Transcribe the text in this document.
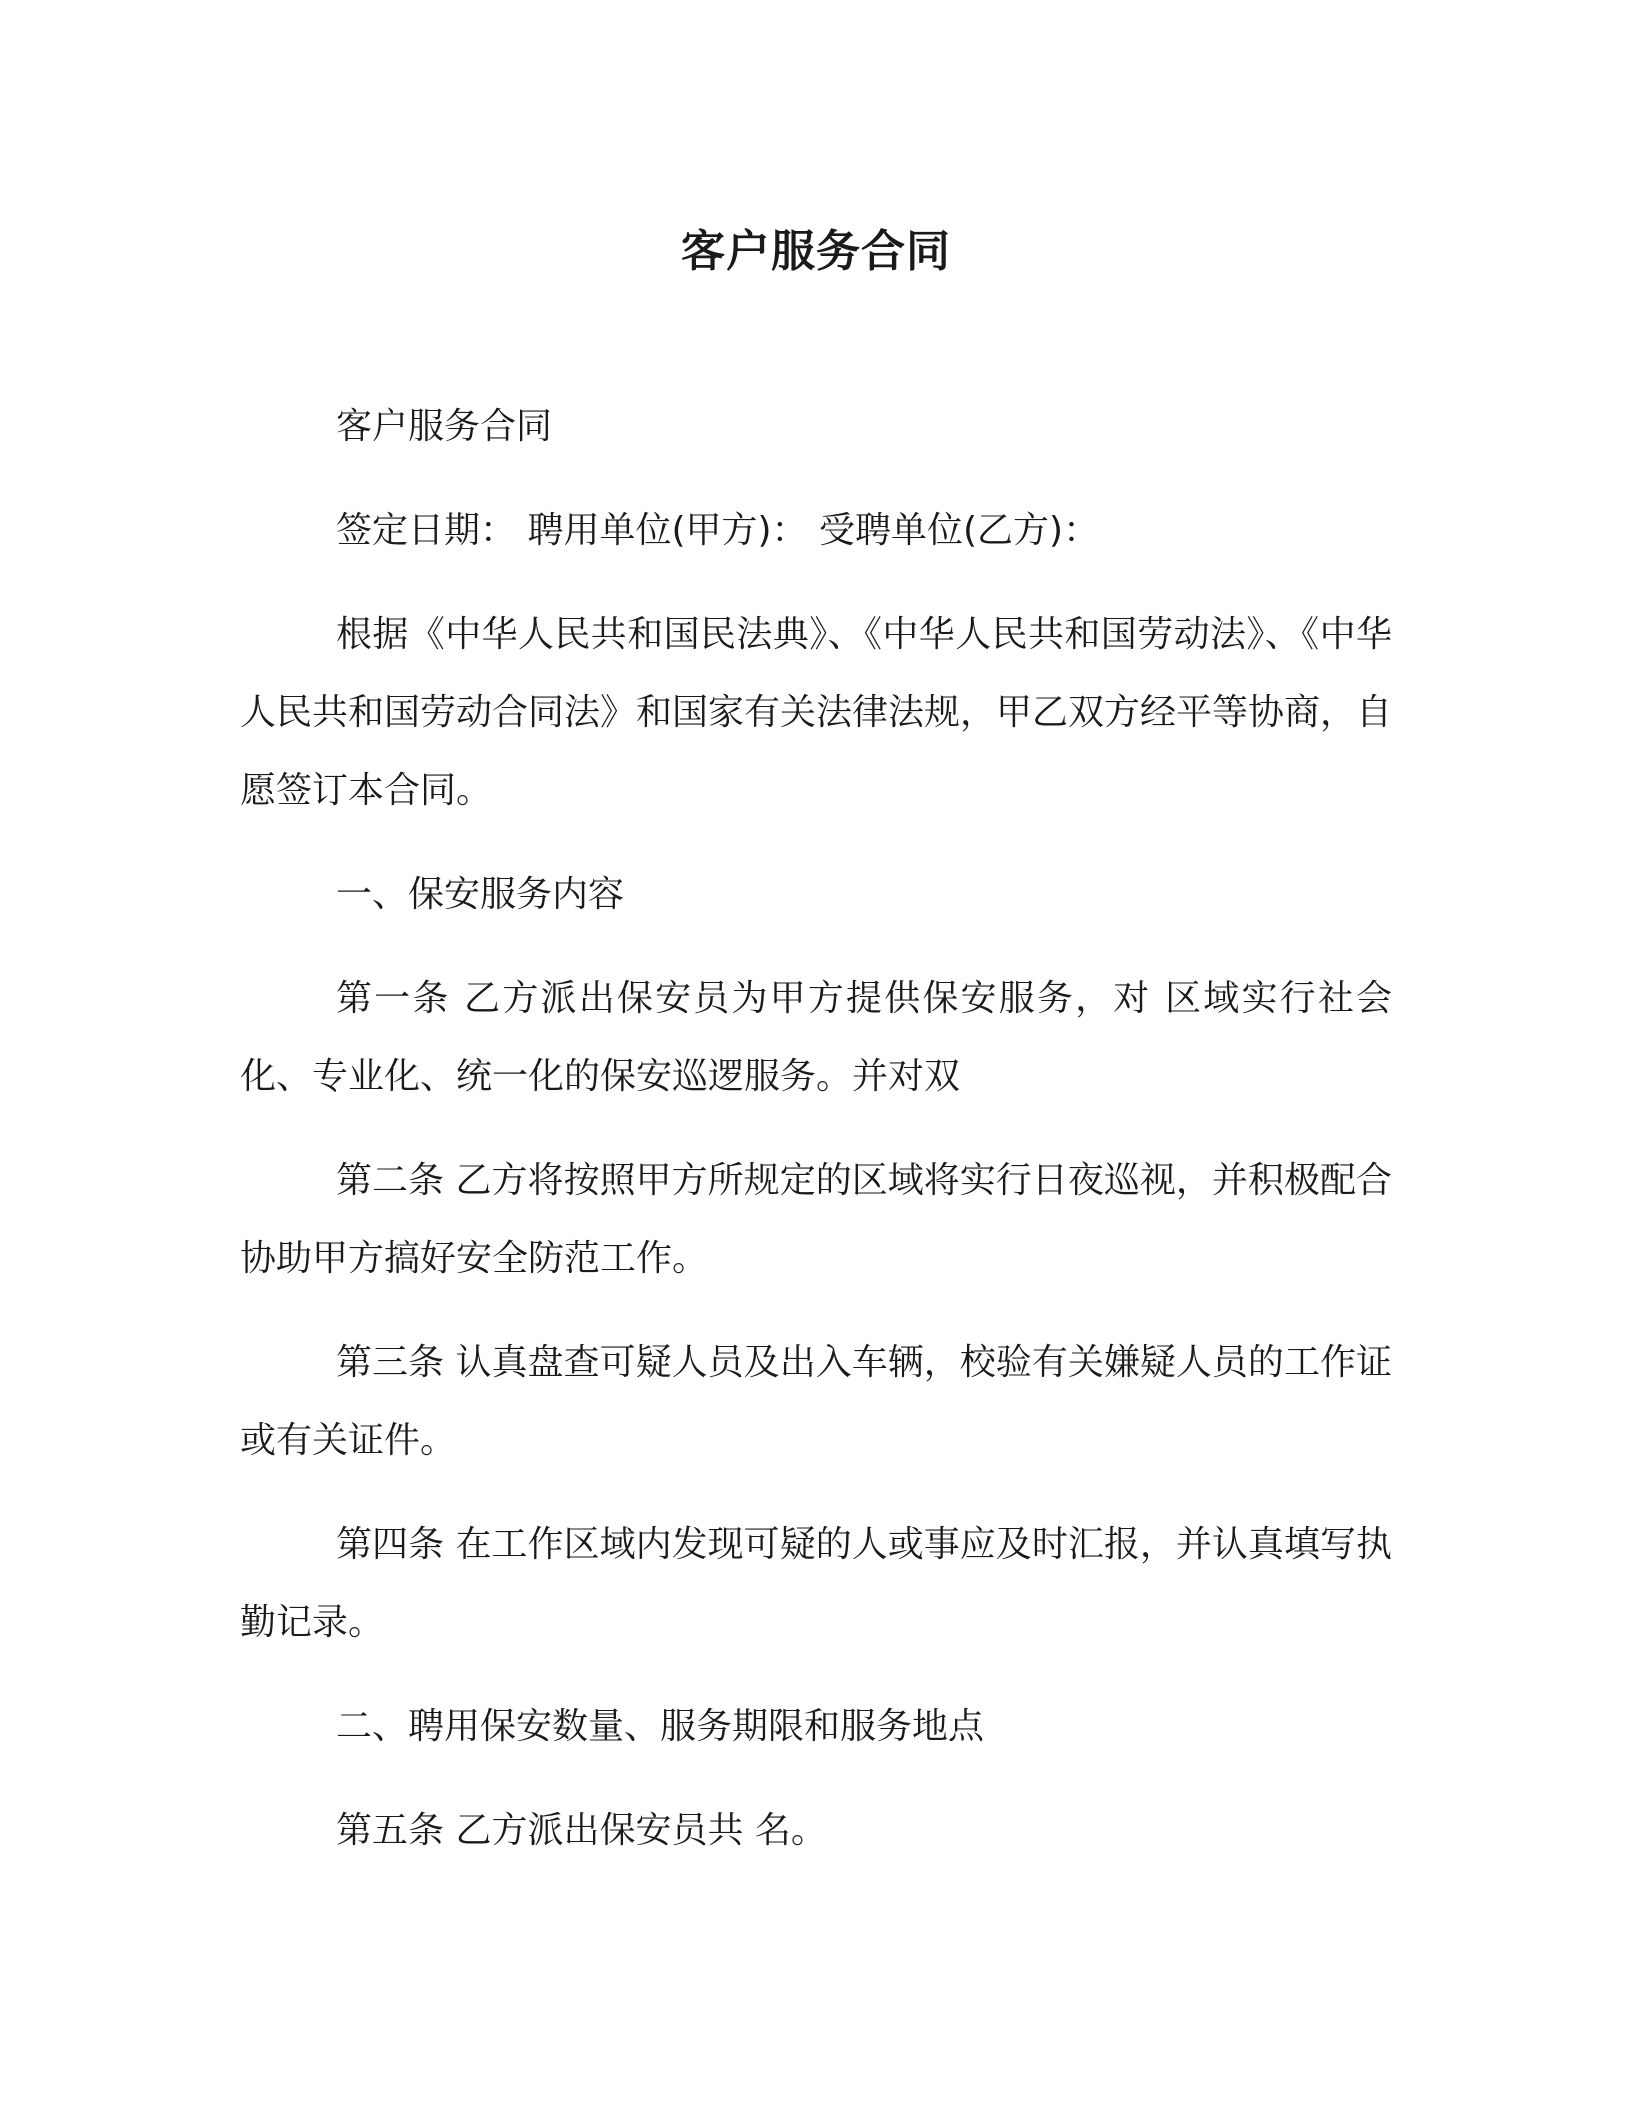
客户服务合同

客户服务合同

签定日期： 聘用单位(甲方)： 受聘单位(乙方)：

根据《中华人民共和国民法典》、《中华人民共和国劳动法》、《中华人民共和国劳动合同法》和国家有关法律法规，甲乙双方经平等协商，自愿签订本合同。

一、保安服务内容

第一条 乙方派出保安员为甲方提供保安服务，对 区域实行社会化、专业化、统一化的保安巡逻服务。并对双

第二条 乙方将按照甲方所规定的区域将实行日夜巡视，并积极配合协助甲方搞好安全防范工作。

第三条 认真盘查可疑人员及出入车辆，校验有关嫌疑人员的工作证或有关证件。

第四条 在工作区域内发现可疑的人或事应及时汇报，并认真填写执勤记录。

二、聘用保安数量、服务期限和服务地点

第五条 乙方派出保安员共 名。
